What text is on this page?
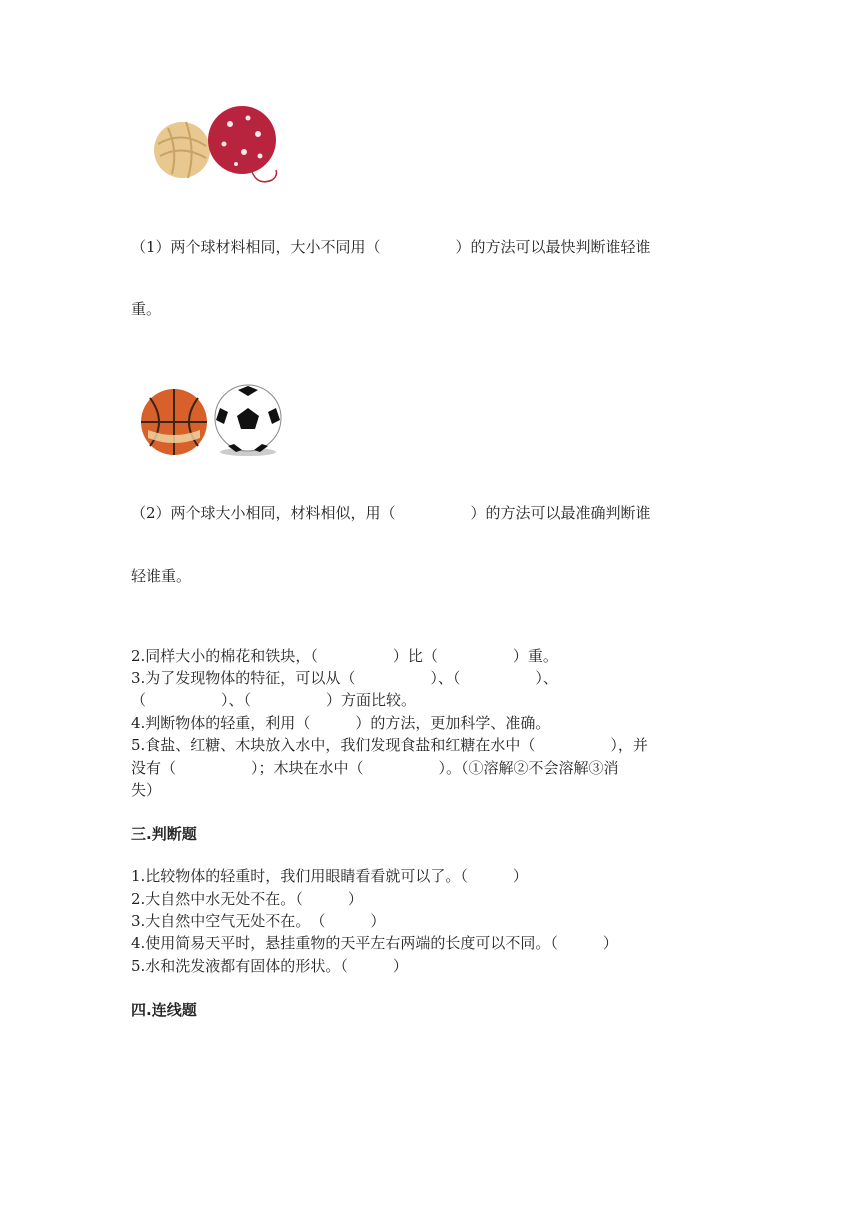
（1）两个球材料相同，大小不同用（　　　　　）的方法可以最快判断谁轻谁
重。
（2）两个球大小相同，材料相似，用（　　　　　）的方法可以最准确判断谁
轻谁重。
2.同样大小的棉花和铁块，（　　　　　）比（　　　　　）重。
3.为了发现物体的特征，可以从（　　　　　）、（　　　　　）、
（　　　　　）、（　　　　　）方面比较。
4.判断物体的轻重，利用（　　　）的方法，更加科学、准确。
5.食盐、红糖、木块放入水中，我们发现食盐和红糖在水中（　　　　　），并
没有（　　　　　）；木块在水中（　　　　　）。（①溶解②不会溶解③消
失）
三.判断题
1.比较物体的轻重时，我们用眼睛看看就可以了。（　　　）
2.大自然中水无处不在。（　　　）
3.大自然中空气无处不在。　（　　　）
4.使用简易天平时，悬挂重物的天平左右两端的长度可以不同。（　　　）
5.水和洗发液都有固体的形状。（　　　）
四.连线题
